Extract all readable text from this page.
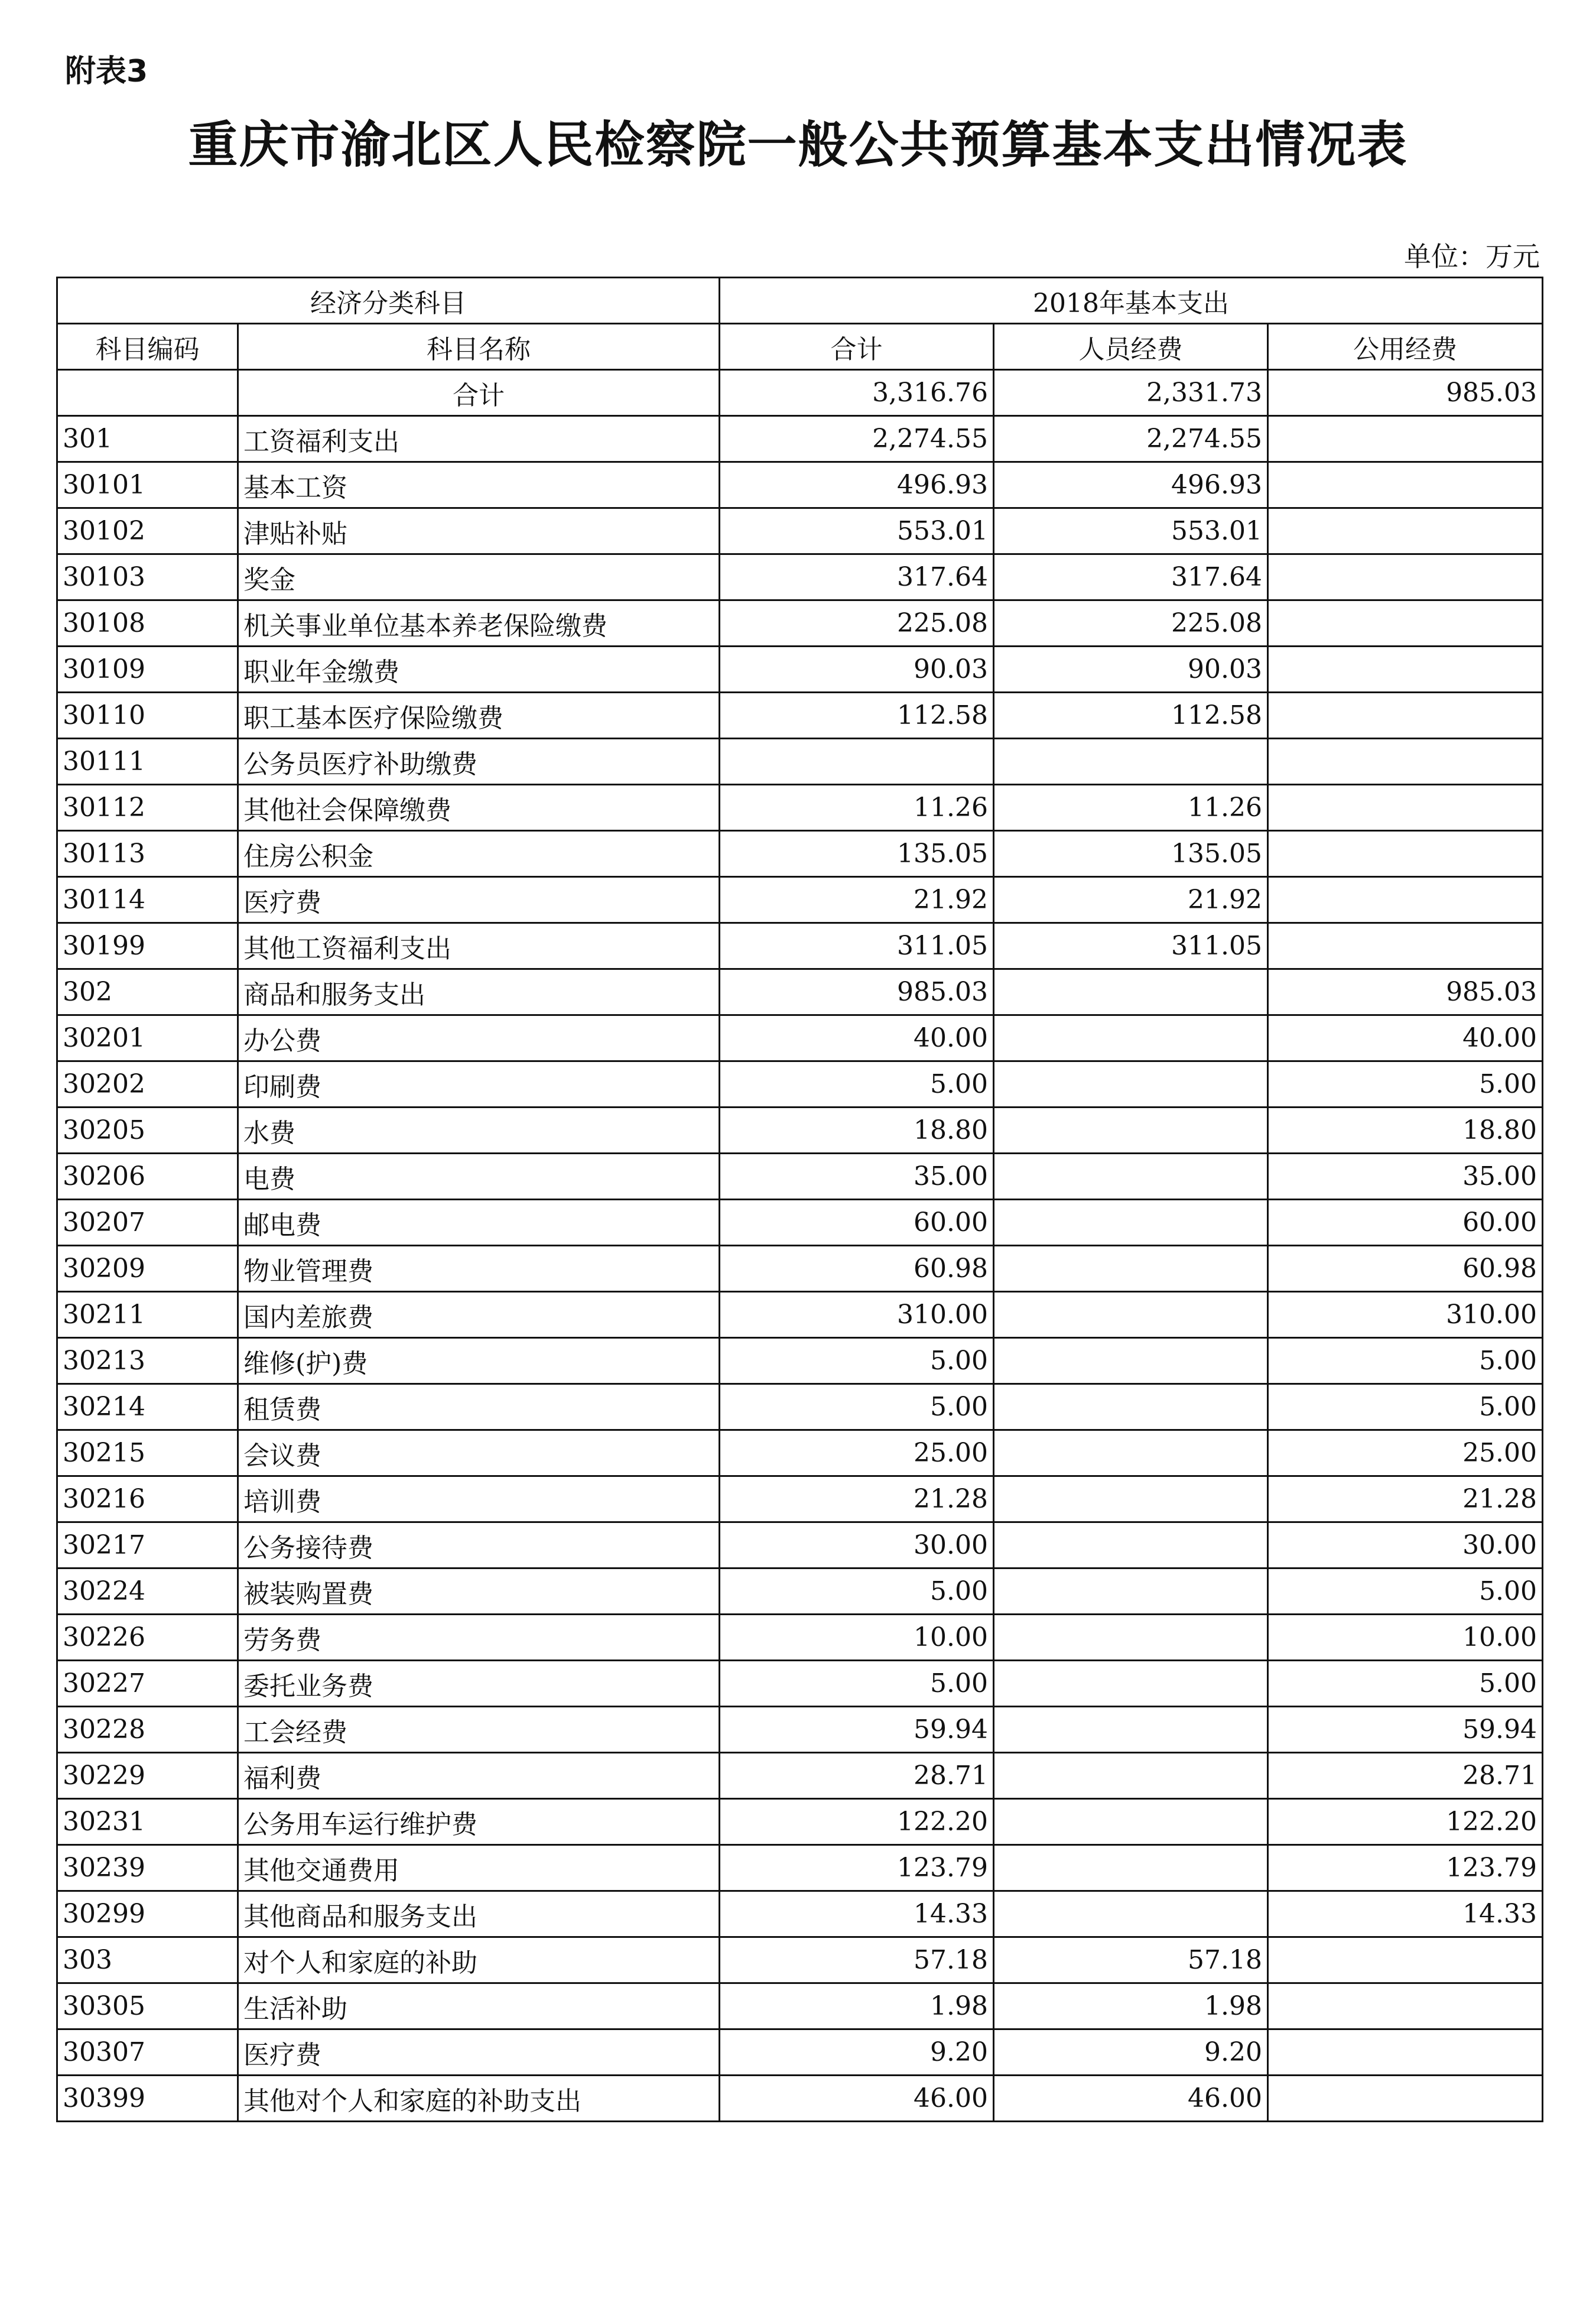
附表3
重庆市渝北区人民检察院一般公共预算基本支出情况表
单位：万元
经济分类科目		2018年基本支出		
科目编码	科目名称	合计	人员经费	公用经费
	合计	3,316.76	2,331.73	985.03
301	工资福利支出	2,274.55	2,274.55	
30101	基本工资	496.93	496.93	
30102	津贴补贴	553.01	553.01	
30103	奖金	317.64	317.64	
30108	机关事业单位基本养老保险缴费	225.08	225.08	
30109	职业年金缴费	90.03	90.03	
30110	职工基本医疗保险缴费	112.58	112.58	
30111	公务员医疗补助缴费			
30112	其他社会保障缴费	11.26	11.26	
30113	住房公积金	135.05	135.05	
30114	医疗费	21.92	21.92	
30199	其他工资福利支出	311.05	311.05	
302	商品和服务支出	985.03		985.03
30201	办公费	40.00		40.00
30202	印刷费	5.00		5.00
30205	水费	18.80		18.80
30206	电费	35.00		35.00
30207	邮电费	60.00		60.00
30209	物业管理费	60.98		60.98
30211	国内差旅费	310.00		310.00
30213	维修(护)费	5.00		5.00
30214	租赁费	5.00		5.00
30215	会议费	25.00		25.00
30216	培训费	21.28		21.28
30217	公务接待费	30.00		30.00
30224	被装购置费	5.00		5.00
30226	劳务费	10.00		10.00
30227	委托业务费	5.00		5.00
30228	工会经费	59.94		59.94
30229	福利费	28.71		28.71
30231	公务用车运行维护费	122.20		122.20
30239	其他交通费用	123.79		123.79
30299	其他商品和服务支出	14.33		14.33
303	对个人和家庭的补助	57.18	57.18	
30305	生活补助	1.98	1.98	
30307	医疗费	9.20	9.20	
30399	其他对个人和家庭的补助支出	46.00	46.00	
